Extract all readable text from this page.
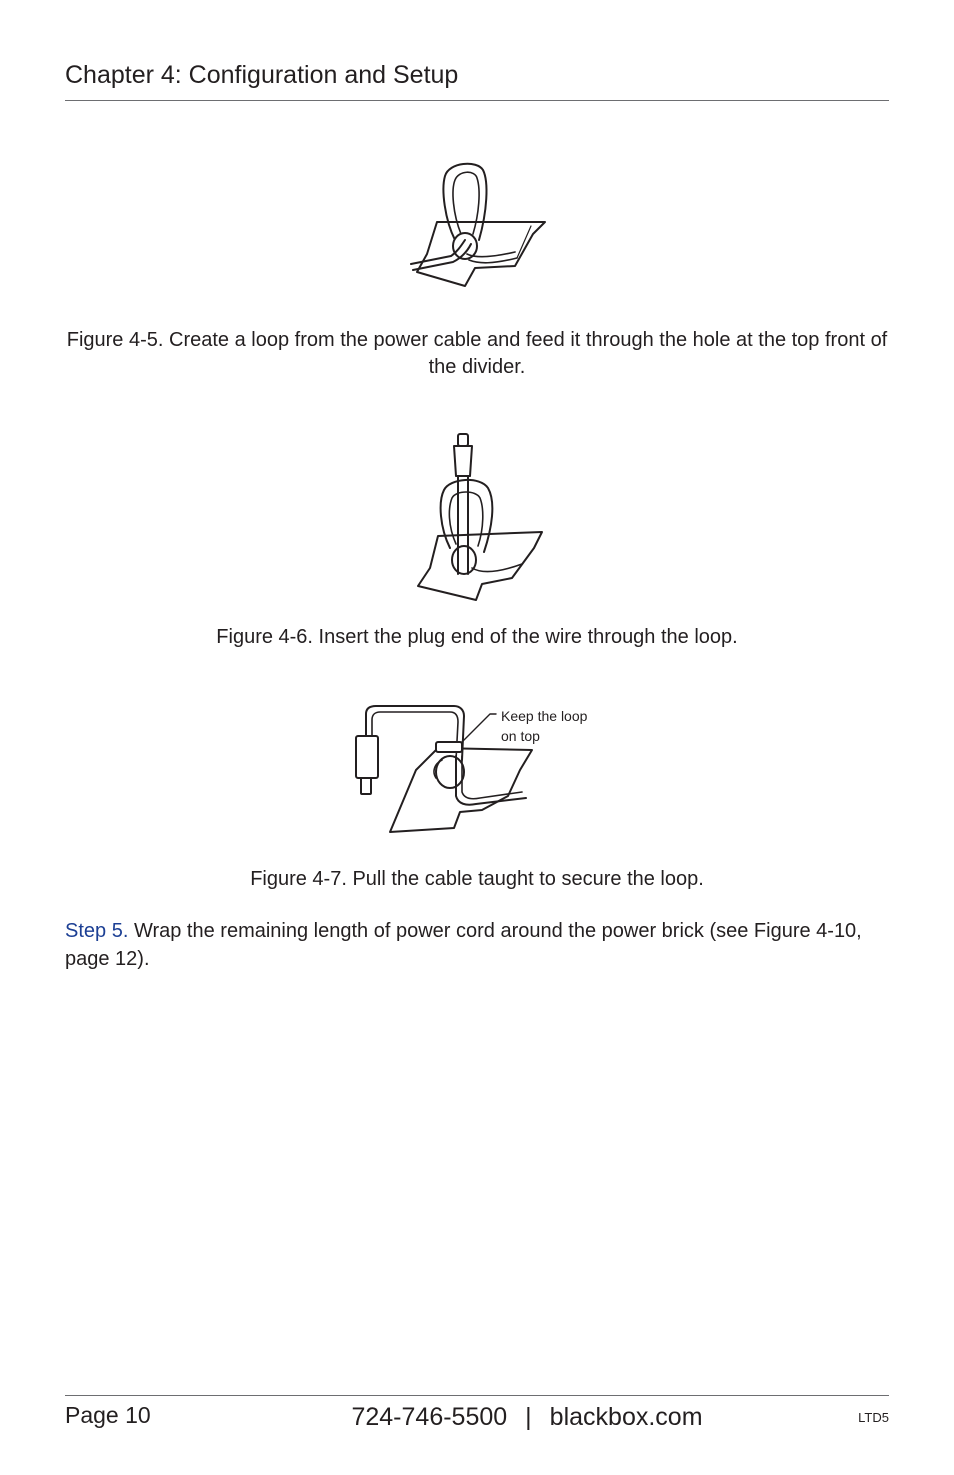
Chapter 4: Configuration and Setup
Figure 4-5. Create a loop from the power cable and feed it through the hole at the top front of the divider.
Figure 4-6. Insert the plug end of the wire through the loop.
Keep the loop
on top
Figure 4-7. Pull the cable taught to secure the loop.
Step 5. Wrap the remaining length of power cord around the power brick (see Figure 4-10, page 12).
Page 10	724-746-5500 | blackbox.com	LTD5
